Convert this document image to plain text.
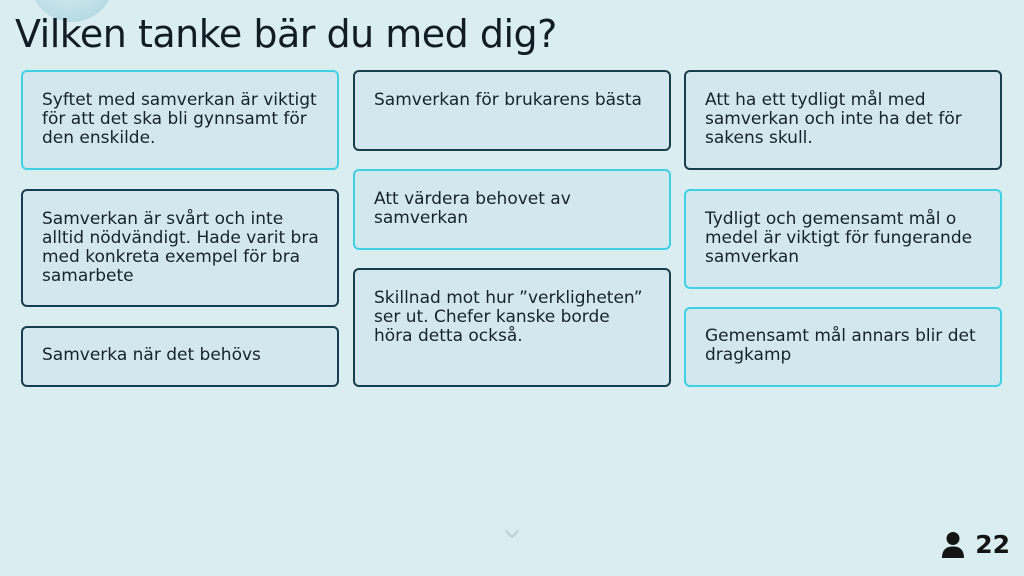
Vilken tanke bär du med dig?
Syftet med samverkan är viktigt för att det ska bli gynnsamt för den enskilde.
Samverkan är svårt och inte alltid nödvändigt. Hade varit bra med konkreta exempel för bra samarbete
Samverka när det behövs
Samverkan för brukarens bästa
Att värdera behovet av samverkan
Skillnad mot hur ”verkligheten” ser ut. Chefer kanske borde höra detta också.
Att ha ett tydligt mål med samverkan och inte ha det för sakens skull.
Tydligt och gemensamt mål o medel är viktigt för fungerande samverkan
Gemensamt mål annars blir det dragkamp
22
